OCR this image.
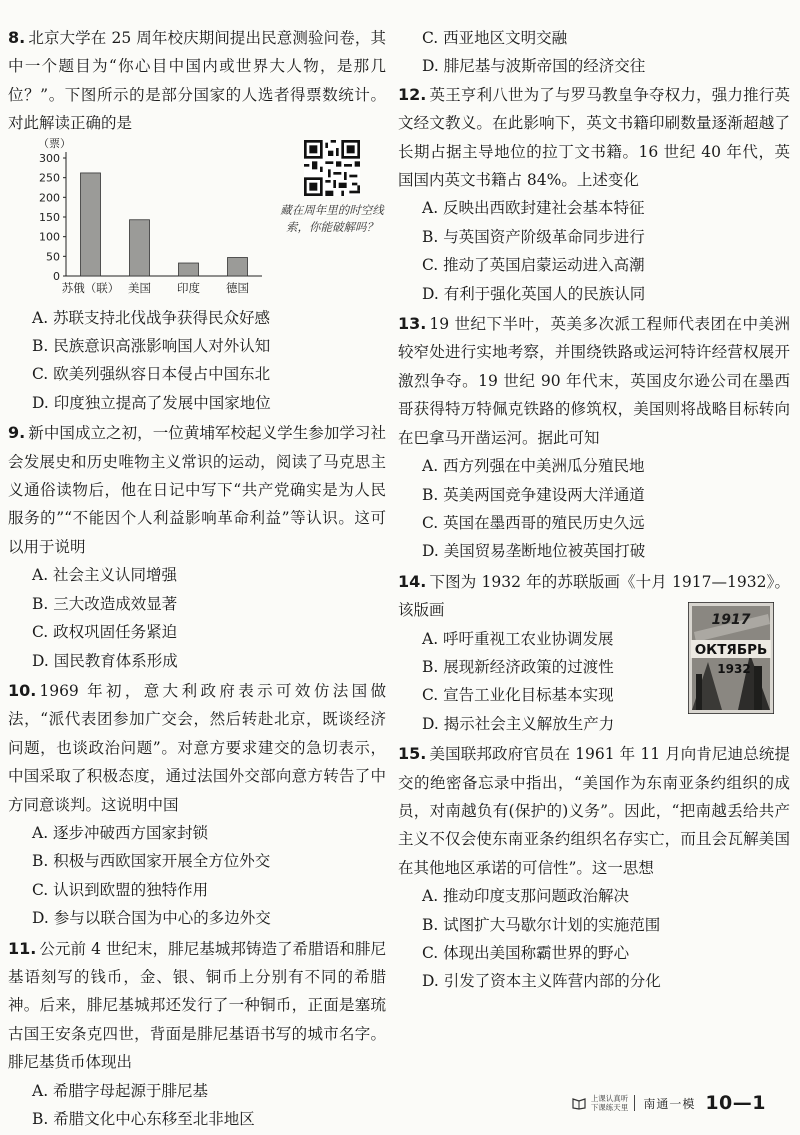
8. 北京大学在 25 周年校庆期间提出民意测验问卷，其中一个题目为“你心目中国内或世界大人物，是那几位？”。下图所示的是部分国家的人选者得票数统计。对此解读正确的是
（票）
0
50
100
150
200
250
300
苏俄（联） 美国 印度 德国
藏在周年里的时空线索，你能破解吗？
A. 苏联支持北伐战争获得民众好感
B. 民族意识高涨影响国人对外认知
C. 欧美列强纵容日本侵占中国东北
D. 印度独立提高了发展中国家地位
9. 新中国成立之初，一位黄埔军校起义学生参加学习社会发展史和历史唯物主义常识的运动，阅读了马克思主义通俗读物后，他在日记中写下“共产党确实是为人民服务的”“不能因个人利益影响革命利益”等认识。这可以用于说明
A. 社会主义认同增强
B. 三大改造成效显著
C. 政权巩固任务紧迫
D. 国民教育体系形成
10. 1969 年初，意大利政府表示可效仿法国做法，“派代表团参加广交会，然后转赴北京，既谈经济问题，也谈政治问题”。对意方要求建交的急切表示，中国采取了积极态度，通过法国外交部向意方转告了中方同意谈判。这说明中国
A. 逐步冲破西方国家封锁
B. 积极与西欧国家开展全方位外交
C. 认识到欧盟的独特作用
D. 参与以联合国为中心的多边外交
11. 公元前 4 世纪末，腓尼基城邦铸造了希腊语和腓尼基语刻写的钱币，金、银、铜币上分别有不同的希腊神。后来，腓尼基城邦还发行了一种铜币，正面是塞琉古国王安条克四世，背面是腓尼基语书写的城市名字。腓尼基货币体现出
A. 希腊字母起源于腓尼基
B. 希腊文化中心东移至北非地区
C. 西亚地区文明交融
D. 腓尼基与波斯帝国的经济交往
12. 英王亨利八世为了与罗马教皇争夺权力，强力推行英文经文教义。在此影响下，英文书籍印刷数量逐渐超越了长期占据主导地位的拉丁文书籍。16 世纪 40 年代，英国国内英文书籍占 84%。上述变化
A. 反映出西欧封建社会基本特征
B. 与英国资产阶级革命同步进行
C. 推动了英国启蒙运动进入高潮
D. 有利于强化英国人的民族认同
13. 19 世纪下半叶，英美多次派工程师代表团在中美洲较窄处进行实地考察，并围绕铁路或运河特许经营权展开激烈争夺。19 世纪 90 年代末，英国皮尔逊公司在墨西哥获得特万特佩克铁路的修筑权，美国则将战略目标转向在巴拿马开凿运河。据此可知
A. 西方列强在中美洲瓜分殖民地
B. 英美两国竞争建设两大洋通道
C. 英国在墨西哥的殖民历史久远
D. 美国贸易垄断地位被英国打破
14. 下图为 1932 年的苏联版画《十月 1917—1932》。该版画
1917
ОКТЯБРЬ
1932
A. 呼吁重视工农业协调发展
B. 展现新经济政策的过渡性
C. 宣告工业化目标基本实现
D. 揭示社会主义解放生产力
15. 美国联邦政府官员在 1961 年 11 月向肯尼迪总统提交的绝密备忘录中指出，“美国作为东南亚条约组织的成员，对南越负有(保护的)义务”。因此，“把南越丢给共产主义不仅会使东南亚条约组织名存实亡，而且会瓦解美国在其他地区承诺的可信性”。这一思想
A. 推动印度支那问题政治解决
B. 试图扩大马歇尔计划的实施范围
C. 体现出美国称霸世界的野心
D. 引发了资本主义阵营内部的分化
上课认真听
下课练天里 南通一模 10—1
